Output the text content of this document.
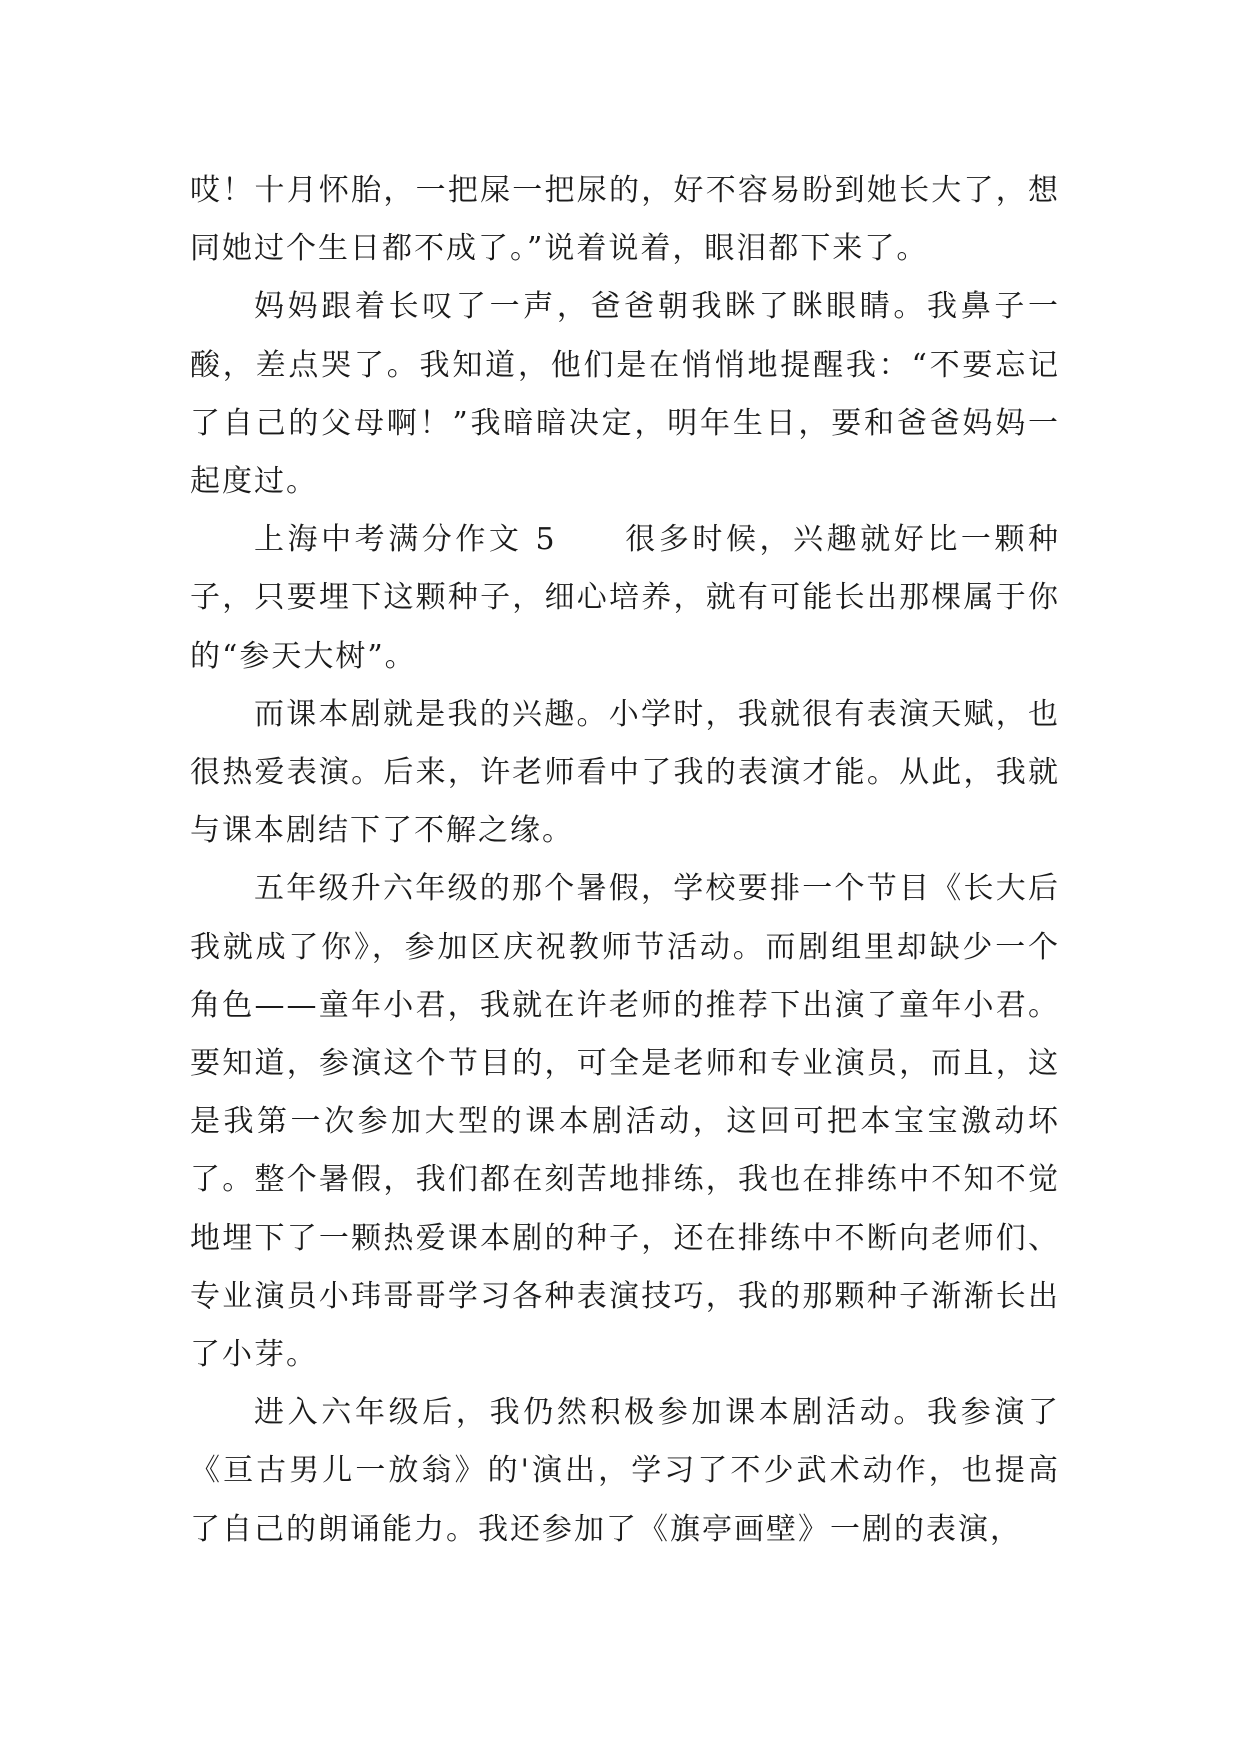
哎！十月怀胎，一把屎一把尿的，好不容易盼到她长大了，想同她过个生日都不成了。”说着说着，眼泪都下来了。

妈妈跟着长叹了一声，爸爸朝我眯了眯眼睛。我鼻子一酸，差点哭了。我知道，他们是在悄悄地提醒我：“不要忘记了自己的父母啊！”我暗暗决定，明年生日，要和爸爸妈妈一起度过。

上海中考满分作文 5　　很多时候，兴趣就好比一颗种子，只要埋下这颗种子，细心培养，就有可能长出那棵属于你的“参天大树”。

而课本剧就是我的兴趣。小学时，我就很有表演天赋，也很热爱表演。后来，许老师看中了我的表演才能。从此，我就与课本剧结下了不解之缘。

五年级升六年级的那个暑假，学校要排一个节目《长大后我就成了你》，参加区庆祝教师节活动。而剧组里却缺少一个角色——童年小君，我就在许老师的推荐下出演了童年小君。要知道，参演这个节目的，可全是老师和专业演员，而且，这是我第一次参加大型的课本剧活动，这回可把本宝宝激动坏了。整个暑假，我们都在刻苦地排练，我也在排练中不知不觉地埋下了一颗热爱课本剧的种子，还在排练中不断向老师们、专业演员小玮哥哥学习各种表演技巧，我的那颗种子渐渐长出了小芽。

进入六年级后，我仍然积极参加课本剧活动。我参演了《亘古男儿一放翁》的'演出，学习了不少武术动作，也提高了自己的朗诵能力。我还参加了《旗亭画壁》一剧的表演，
